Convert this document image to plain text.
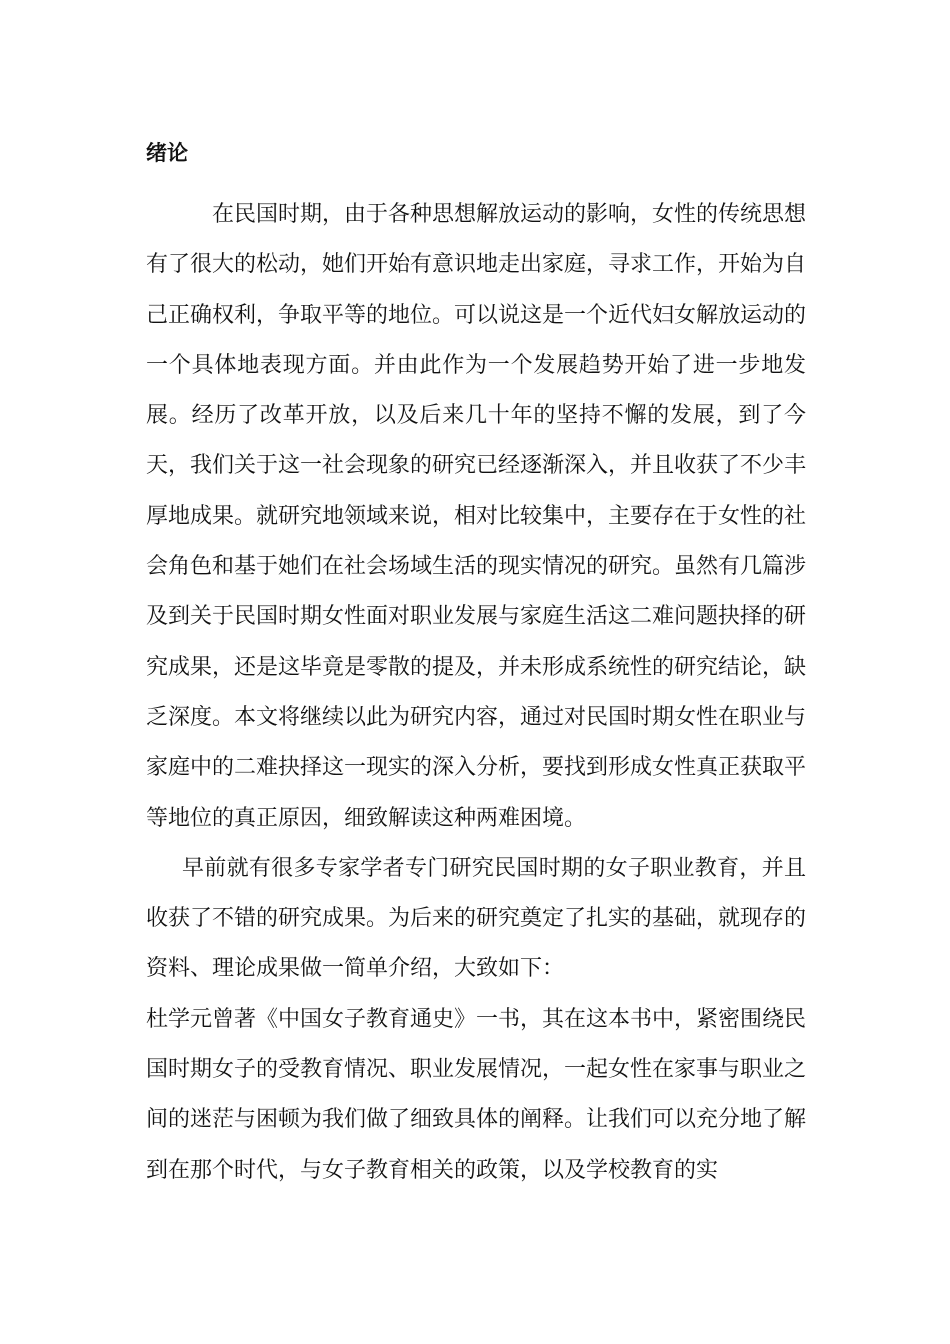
绪论

在民国时期，由于各种思想解放运动的影响，女性的传统思想有了很大的松动，她们开始有意识地走出家庭，寻求工作，开始为自己正确权利，争取平等的地位。可以说这是一个近代妇女解放运动的一个具体地表现方面。并由此作为一个发展趋势开始了进一步地发展。经历了改革开放，以及后来几十年的坚持不懈的发展，到了今天，我们关于这一社会现象的研究已经逐渐深入，并且收获了不少丰厚地成果。就研究地领域来说，相对比较集中，主要存在于女性的社会角色和基于她们在社会场域生活的现实情况的研究。虽然有几篇涉及到关于民国时期女性面对职业发展与家庭生活这二难问题抉择的研究成果，还是这毕竟是零散的提及，并未形成系统性的研究结论，缺乏深度。本文将继续以此为研究内容，通过对民国时期女性在职业与家庭中的二难抉择这一现实的深入分析，要找到形成女性真正获取平等地位的真正原因，细致解读这种两难困境。

早前就有很多专家学者专门研究民国时期的女子职业教育，并且收获了不错的研究成果。为后来的研究奠定了扎实的基础，就现存的资料、理论成果做一简单介绍，大致如下：

杜学元曾著《中国女子教育通史》一书，其在这本书中，紧密围绕民国时期女子的受教育情况、职业发展情况，一起女性在家事与职业之间的迷茫与困顿为我们做了细致具体的阐释。让我们可以充分地了解到在那个时代，与女子教育相关的政策，以及学校教育的实
